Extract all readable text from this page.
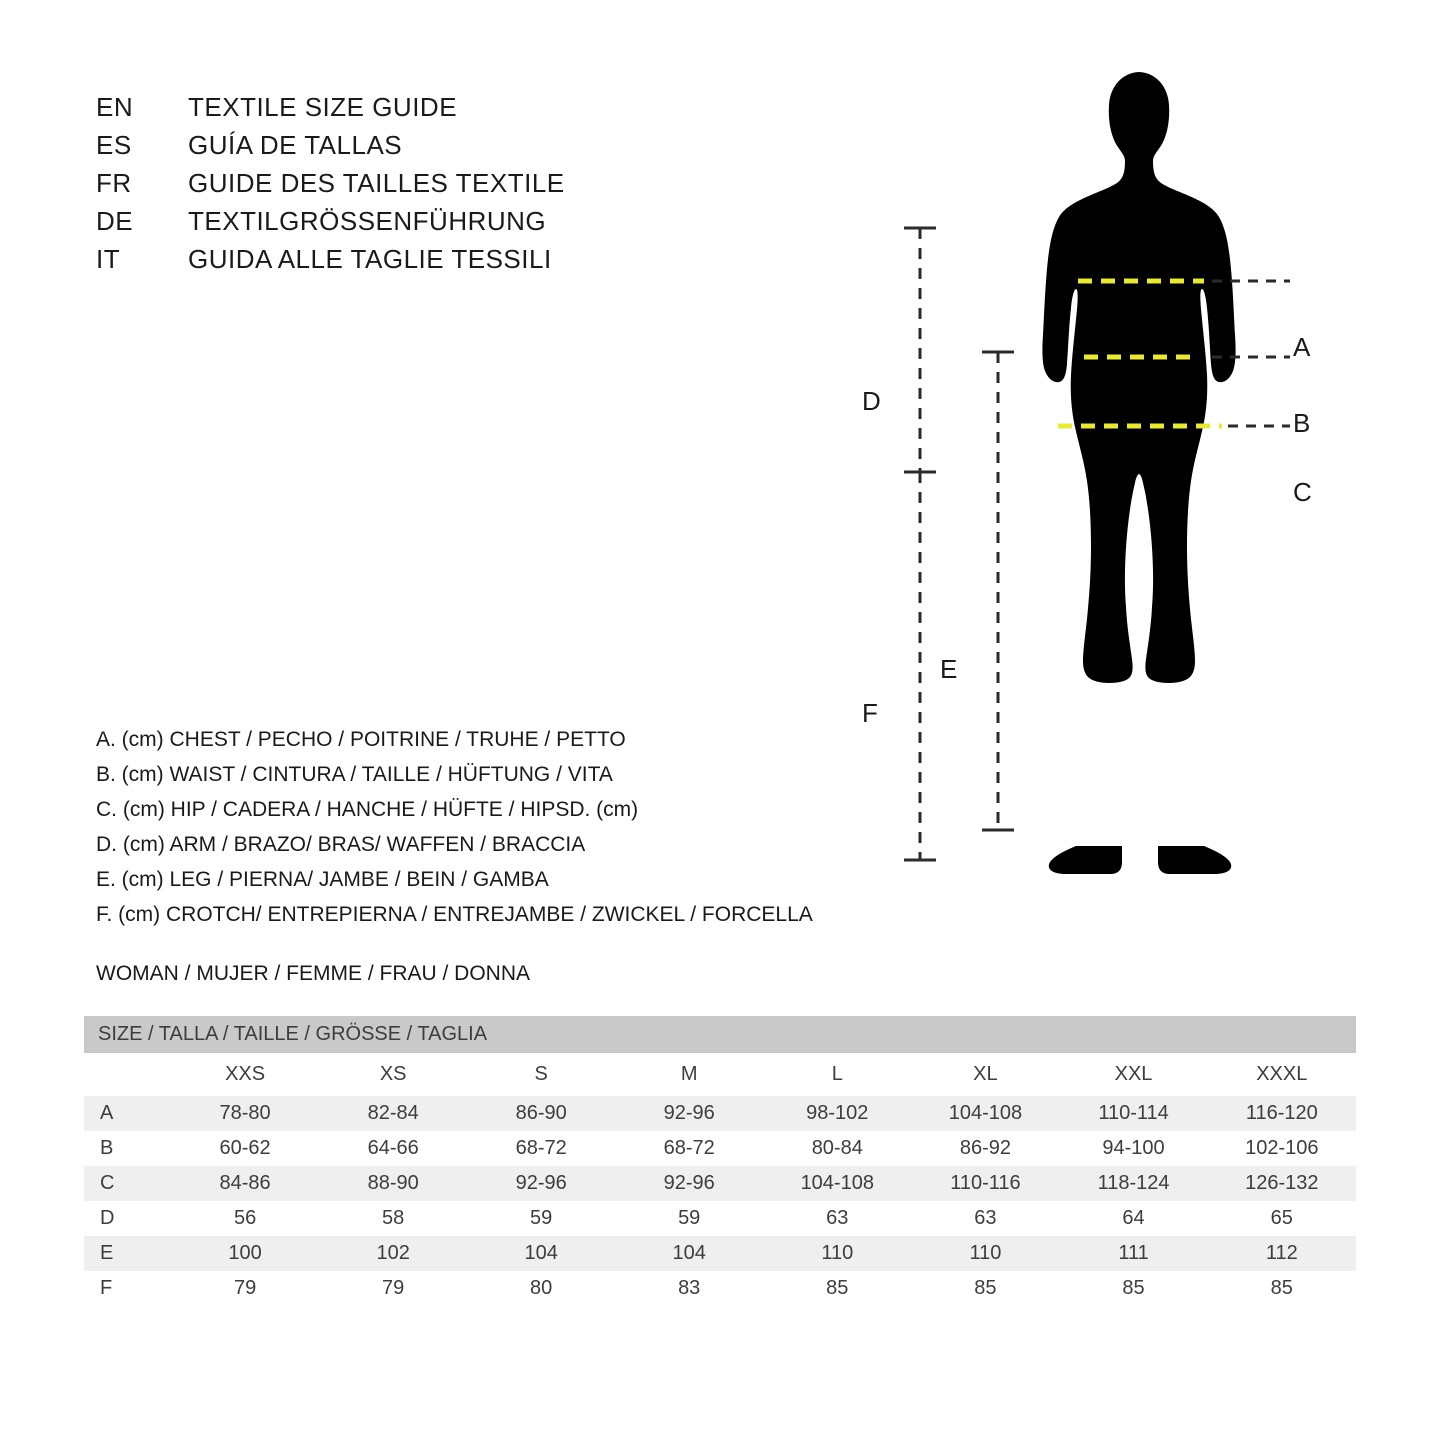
EN	TEXTILE SIZE GUIDE
ES	GUÍA DE TALLAS
FR	GUIDE DES TAILLES TEXTILE
DE	TEXTILGRÖSSENFÜHRUNG
IT	GUIDA ALLE TAGLIE TESSILI
A
B
C
D
E
F
A. (cm) CHEST / PECHO / POITRINE / TRUHE / PETTO
B. (cm) WAIST / CINTURA / TAILLE / HÜFTUNG / VITA
C. (cm) HIP / CADERA / HANCHE / HÜFTE / HIPSD. (cm)
D. (cm) ARM / BRAZO/ BRAS/ WAFFEN / BRACCIA
E. (cm) LEG / PIERNA/ JAMBE / BEIN / GAMBA
F. (cm) CROTCH/ ENTREPIERNA / ENTREJAMBE / ZWICKEL / FORCELLA
WOMAN / MUJER / FEMME / FRAU / DONNA
SIZE / TALLA / TAILLE / GRÖSSE / TAGLIA
	XXS	XS	S	M	L	XL	XXL	XXXL
A	78-80	82-84	86-90	92-96	98-102	104-108	110-114	116-120
B	60-62	64-66	68-72	68-72	80-84	86-92	94-100	102-106
C	84-86	88-90	92-96	92-96	104-108	110-116	118-124	126-132
D	56	58	59	59	63	63	64	65
E	100	102	104	104	110	110	111	112
F	79	79	80	83	85	85	85	85
